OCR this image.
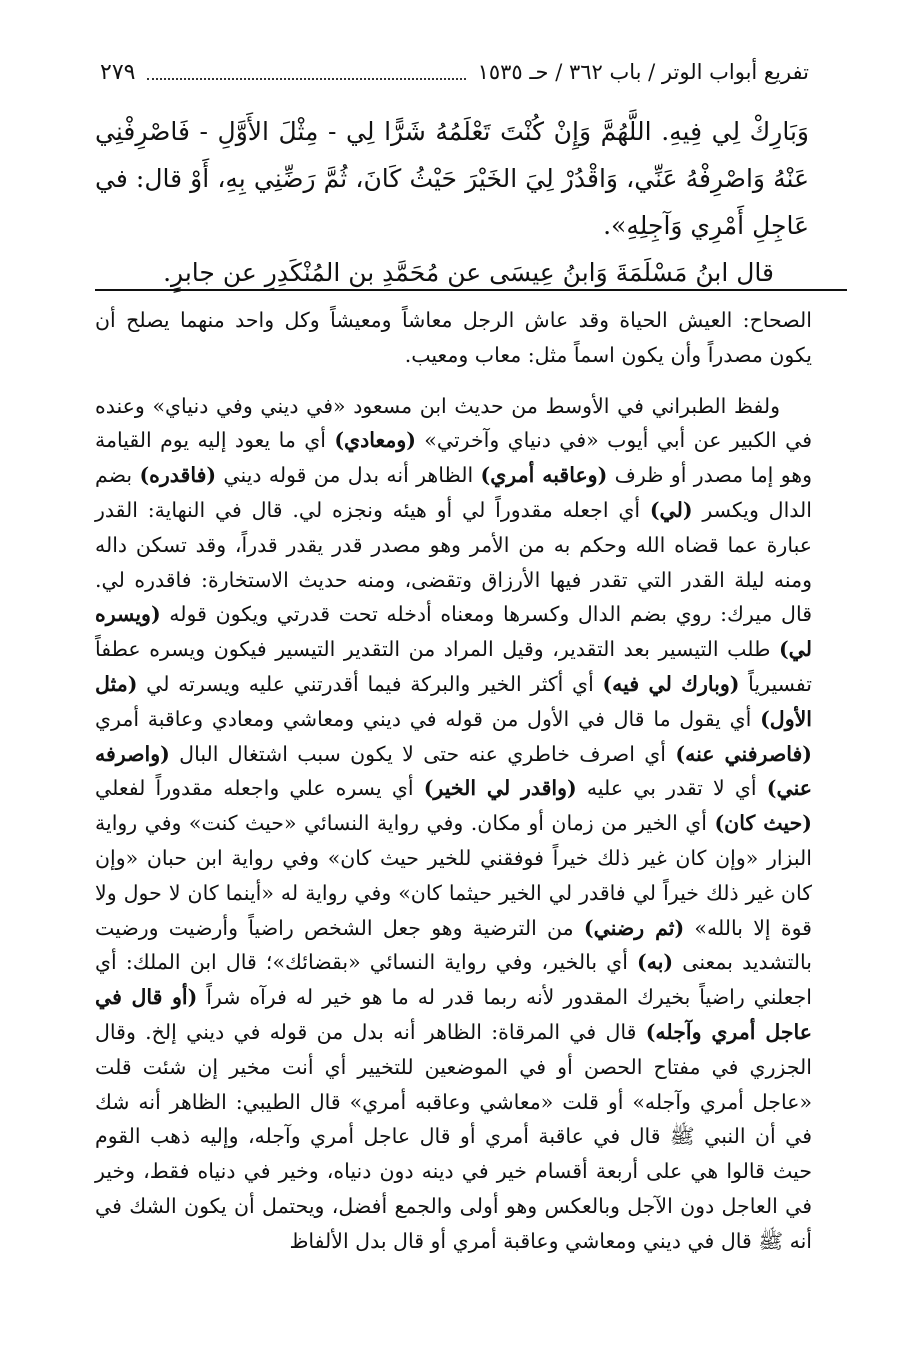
تفريع أبواب الوتر / باب ٣٦٢ / حـ ١٥٣٥
٢٧٩

وَبَارِكْ لِي فِيهِ. اللَّهُمَّ وَإِنْ كُنْتَ تَعْلَمُهُ شَرًّا لِي - مِثْلَ الأَوَّلِ - فَاصْرِفْنِي عَنْهُ وَاصْرِفْهُ عَنِّي، وَاقْدُرْ لِيَ الخَيْرَ حَيْثُ كَانَ، ثُمَّ رَضِّنِي بِهِ، أَوْ قال: في عَاجِلِ أَمْرِي وَآجِلِهِ».

قال ابنُ مَسْلَمَةَ وَابنُ عِيسَى عن مُحَمَّدِ بن المُنْكَدِرِ عن جابرٍ.

الصحاح: العيش الحياة وقد عاش الرجل معاشاً ومعيشاً وكل واحد منهما يصلح أن يكون مصدراً وأن يكون اسماً مثل: معاب ومعيب.

ولفظ الطبراني في الأوسط من حديث ابن مسعود «في ديني وفي دنياي» وعنده في الكبير عن أبي أيوب «في دنياي وآخرتي» (ومعادي) أي ما يعود إليه يوم القيامة وهو إما مصدر أو ظرف (وعاقبه أمري) الظاهر أنه بدل من قوله ديني (فاقدره) بضم الدال ويكسر (لي) أي اجعله مقدوراً لي أو هيئه ونجزه لي. قال في النهاية: القدر عبارة عما قضاه الله وحكم به من الأمر وهو مصدر قدر يقدر قدراً، وقد تسكن داله ومنه ليلة القدر التي تقدر فيها الأرزاق وتقضى، ومنه حديث الاستخارة: فاقدره لي. قال ميرك: روي بضم الدال وكسرها ومعناه أدخله تحت قدرتي ويكون قوله (ويسره لي) طلب التيسير بعد التقدير، وقيل المراد من التقدير التيسير فيكون ويسره عطفاً تفسيرياً (وبارك لي فيه) أي أكثر الخير والبركة فيما أقدرتني عليه ويسرته لي (مثل الأول) أي يقول ما قال في الأول من قوله في ديني ومعاشي ومعادي وعاقبة أمري (فاصرفني عنه) أي اصرف خاطري عنه حتى لا يكون سبب اشتغال البال (واصرفه عني) أي لا تقدر بي عليه (واقدر لي الخير) أي يسره علي واجعله مقدوراً لفعلي (حيث كان) أي الخير من زمان أو مكان. وفي رواية النسائي «حيث كنت» وفي رواية البزار «وإن كان غير ذلك خيراً فوفقني للخير حيث كان» وفي رواية ابن حبان «وإن كان غير ذلك خيراً لي فاقدر لي الخير حيثما كان» وفي رواية له «أينما كان لا حول ولا قوة إلا بالله» (ثم رضني) من الترضية وهو جعل الشخص راضياً وأرضيت ورضيت بالتشديد بمعنى (به) أي بالخير، وفي رواية النسائي «بقضائك»؛ قال ابن الملك: أي اجعلني راضياً بخيرك المقدور لأنه ربما قدر له ما هو خير له فرآه شراً (أو قال في عاجل أمري وآجله) قال في المرقاة: الظاهر أنه بدل من قوله في ديني إلخ. وقال الجزري في مفتاح الحصن أو في الموضعين للتخيير أي أنت مخير إن شئت قلت «عاجل أمري وآجله» أو قلت «معاشي وعاقبه أمري» قال الطيبي: الظاهر أنه شك في أن النبي ﷺ قال في عاقبة أمري أو قال عاجل أمري وآجله، وإليه ذهب القوم حيث قالوا هي على أربعة أقسام خير في دينه دون دنياه، وخير في دنياه فقط، وخير في العاجل دون الآجل وبالعكس وهو أولى والجمع أفضل، ويحتمل أن يكون الشك في أنه ﷺ قال في ديني ومعاشي وعاقبة أمري أو قال بدل الألفاظ
